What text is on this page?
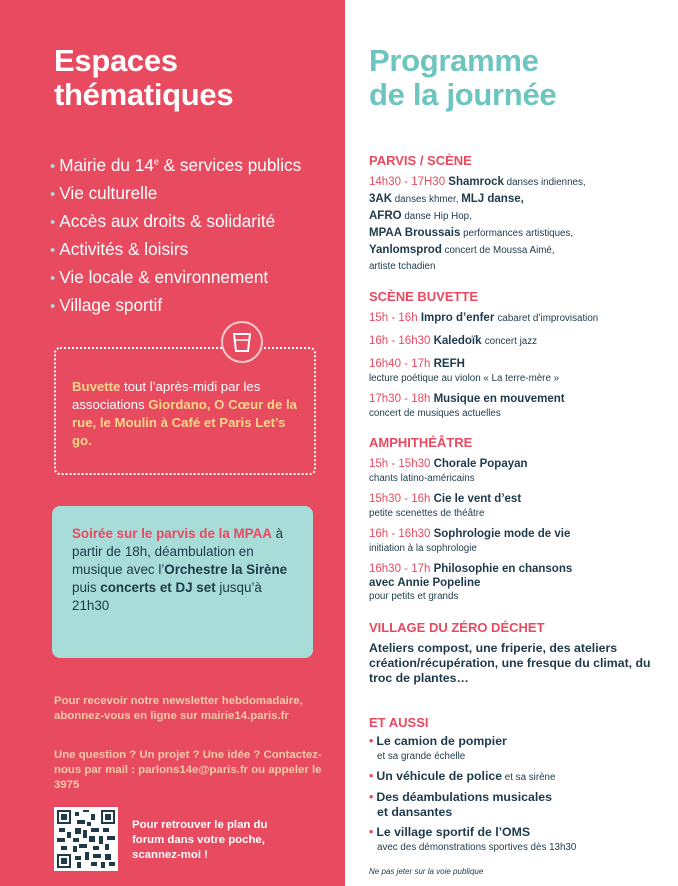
Espaces
thématiques
• Mairie du 14e & services publics
• Vie culturelle
• Accès aux droits & solidarité
• Activités & loisirs
• Vie locale & environnement
• Village sportif

Buvette tout l’après-midi par les associations Giordano, O Cœur de la rue, le Moulin à Café et Paris Let’s go.

Soirée sur le parvis de la MPAA à partir de 18h, déambulation en musique avec l’Orchestre la Sirène puis concerts et DJ set jusqu’à 21h30

Pour recevoir notre newsletter hebdomadaire, abonnez-vous en ligne sur mairie14.paris.fr

Une question ? Un projet ? Une idée ? Contactez-nous par mail : parlons14e@paris.fr ou appeler le 3975

Pour retrouver le plan du forum dans votre poche, scannez-moi !

Programme
de la journée
PARVIS / SCÈNE
14h30 - 17H30 Shamrock danses indiennes,
3AK danses khmer, MLJ danse,
AFRO danse Hip Hop,
MPAA Broussais performances artistiques,
Yanlomsprod concert de Moussa Aimé,
artiste tchadien
SCÈNE BUVETTE
15h - 16h Impro d’enfer cabaret d’improvisation
16h - 16h30 Kaledoïk concert jazz
16h40 - 17h REFH
lecture poétique au violon « La terre-mère »
17h30 - 18h Musique en mouvement
concert de musiques actuelles
AMPHITHÉÂTRE
15h - 15h30 Chorale Popayan
chants latino-américains
15h30 - 16h Cie le vent d’est
petite scenettes de théâtre
16h - 16h30 Sophrologie mode de vie
initiation à la sophrologie
16h30 - 17h Philosophie en chansons
avec Annie Popeline
pour petits et grands
VILLAGE DU ZÉRO DÉCHET

Ateliers compost, une friperie, des ateliers création/récupération, une fresque du climat, du troc de plantes…

ET AUSSI
• Le camion de pompier
et sa grande échelle
• Un véhicule de police et sa sirène
• Des déambulations musicales
et dansantes
• Le village sportif de l’OMS
avec des démonstrations sportives dès 13h30

Ne pas jeter sur la voie publique
